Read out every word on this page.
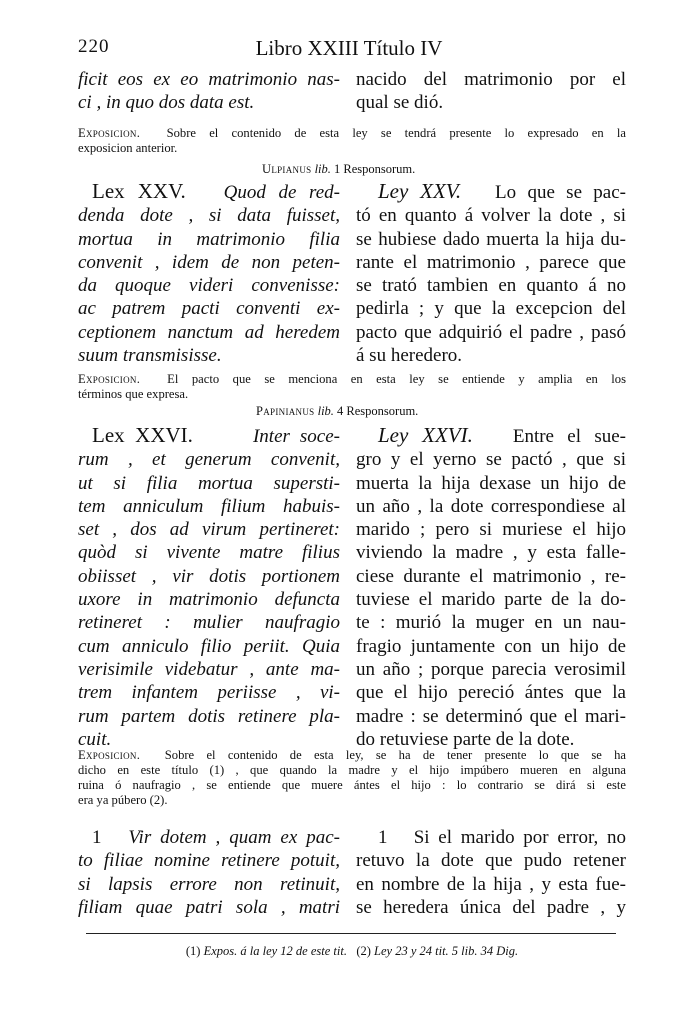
220	Libro XXIII Título IV
ficit eos ex eo matrimonio nas-
ci , in quo dos data est.
nacido del matrimonio por el
qual se dió.
Exposicion. Sobre el contenido de esta ley se tendrá presente lo expresado en la
exposicion anterior.
Ulpianus lib. 1 Responsorum.
Lex XXV. Quod de red-
denda dote , si data fuisset,
mortua in matrimonio filia
convenit , idem de non peten-
da quoque videri convenisse:
ac patrem pacti conventi ex-
ceptionem nanctum ad heredem
suum transmisisse.
Ley XXV. Lo que se pac-
tó en quanto á volver la dote , si
se hubiese dado muerta la hija du-
rante el matrimonio , parece que
se trató tambien en quanto á no
pedirla ; y que la excepcion del
pacto que adquirió el padre , pasó
á su heredero.
Exposicion. El pacto que se menciona en esta ley se entiende y amplia en los
términos que expresa.
Papinianus lib. 4 Responsorum.
Lex XXVI.	Inter soce-
rum , et generum convenit,
ut si filia mortua supersti-
tem anniculum filium habuis-
set , dos ad virum pertineret:
quòd si vivente matre filius
obiisset , vir dotis portionem
uxore in matrimonio defuncta
retineret : mulier naufragio
cum anniculo filio periit. Quia
verisimile videbatur , ante ma-
trem infantem periisse , vi-
rum partem dotis retinere pla-
cuit.
Ley XXVI. Entre el sue-
gro y el yerno se pactó , que si
muerta la hija dexase un hijo de
un año , la dote correspondiese al
marido ; pero si muriese el hijo
viviendo la madre , y esta falle-
ciese durante el matrimonio , re-
tuviese el marido parte de la do-
te : murió la muger en un nau-
fragio juntamente con un hijo de
un año ; porque parecia verosimil
que el hijo pereció ántes que la
madre : se determinó que el mari-
do retuviese parte de la dote.
Exposicion. Sobre el contenido de esta ley, se ha de tener presente lo que se ha
dicho en este título (1) , que quando la madre y el hijo impúbero mueren en alguna
ruina ó naufragio , se entiende que muere ántes el hijo : lo contrario se dirá si este
era ya púbero (2).
1 Vir dotem , quam ex pac-
to filiae nomine retinere potuit,
si lapsis errore non retinuit,
filiam quae patri sola , matri
1 Si el marido por error, no
retuvo la dote que pudo retener
en nombre de la hija , y esta fue-
se heredera única del padre , y
(1) Expos. á la ley 12 de este tit. (2) Ley 23 y 24 tit. 5 lib. 34 Dig.
